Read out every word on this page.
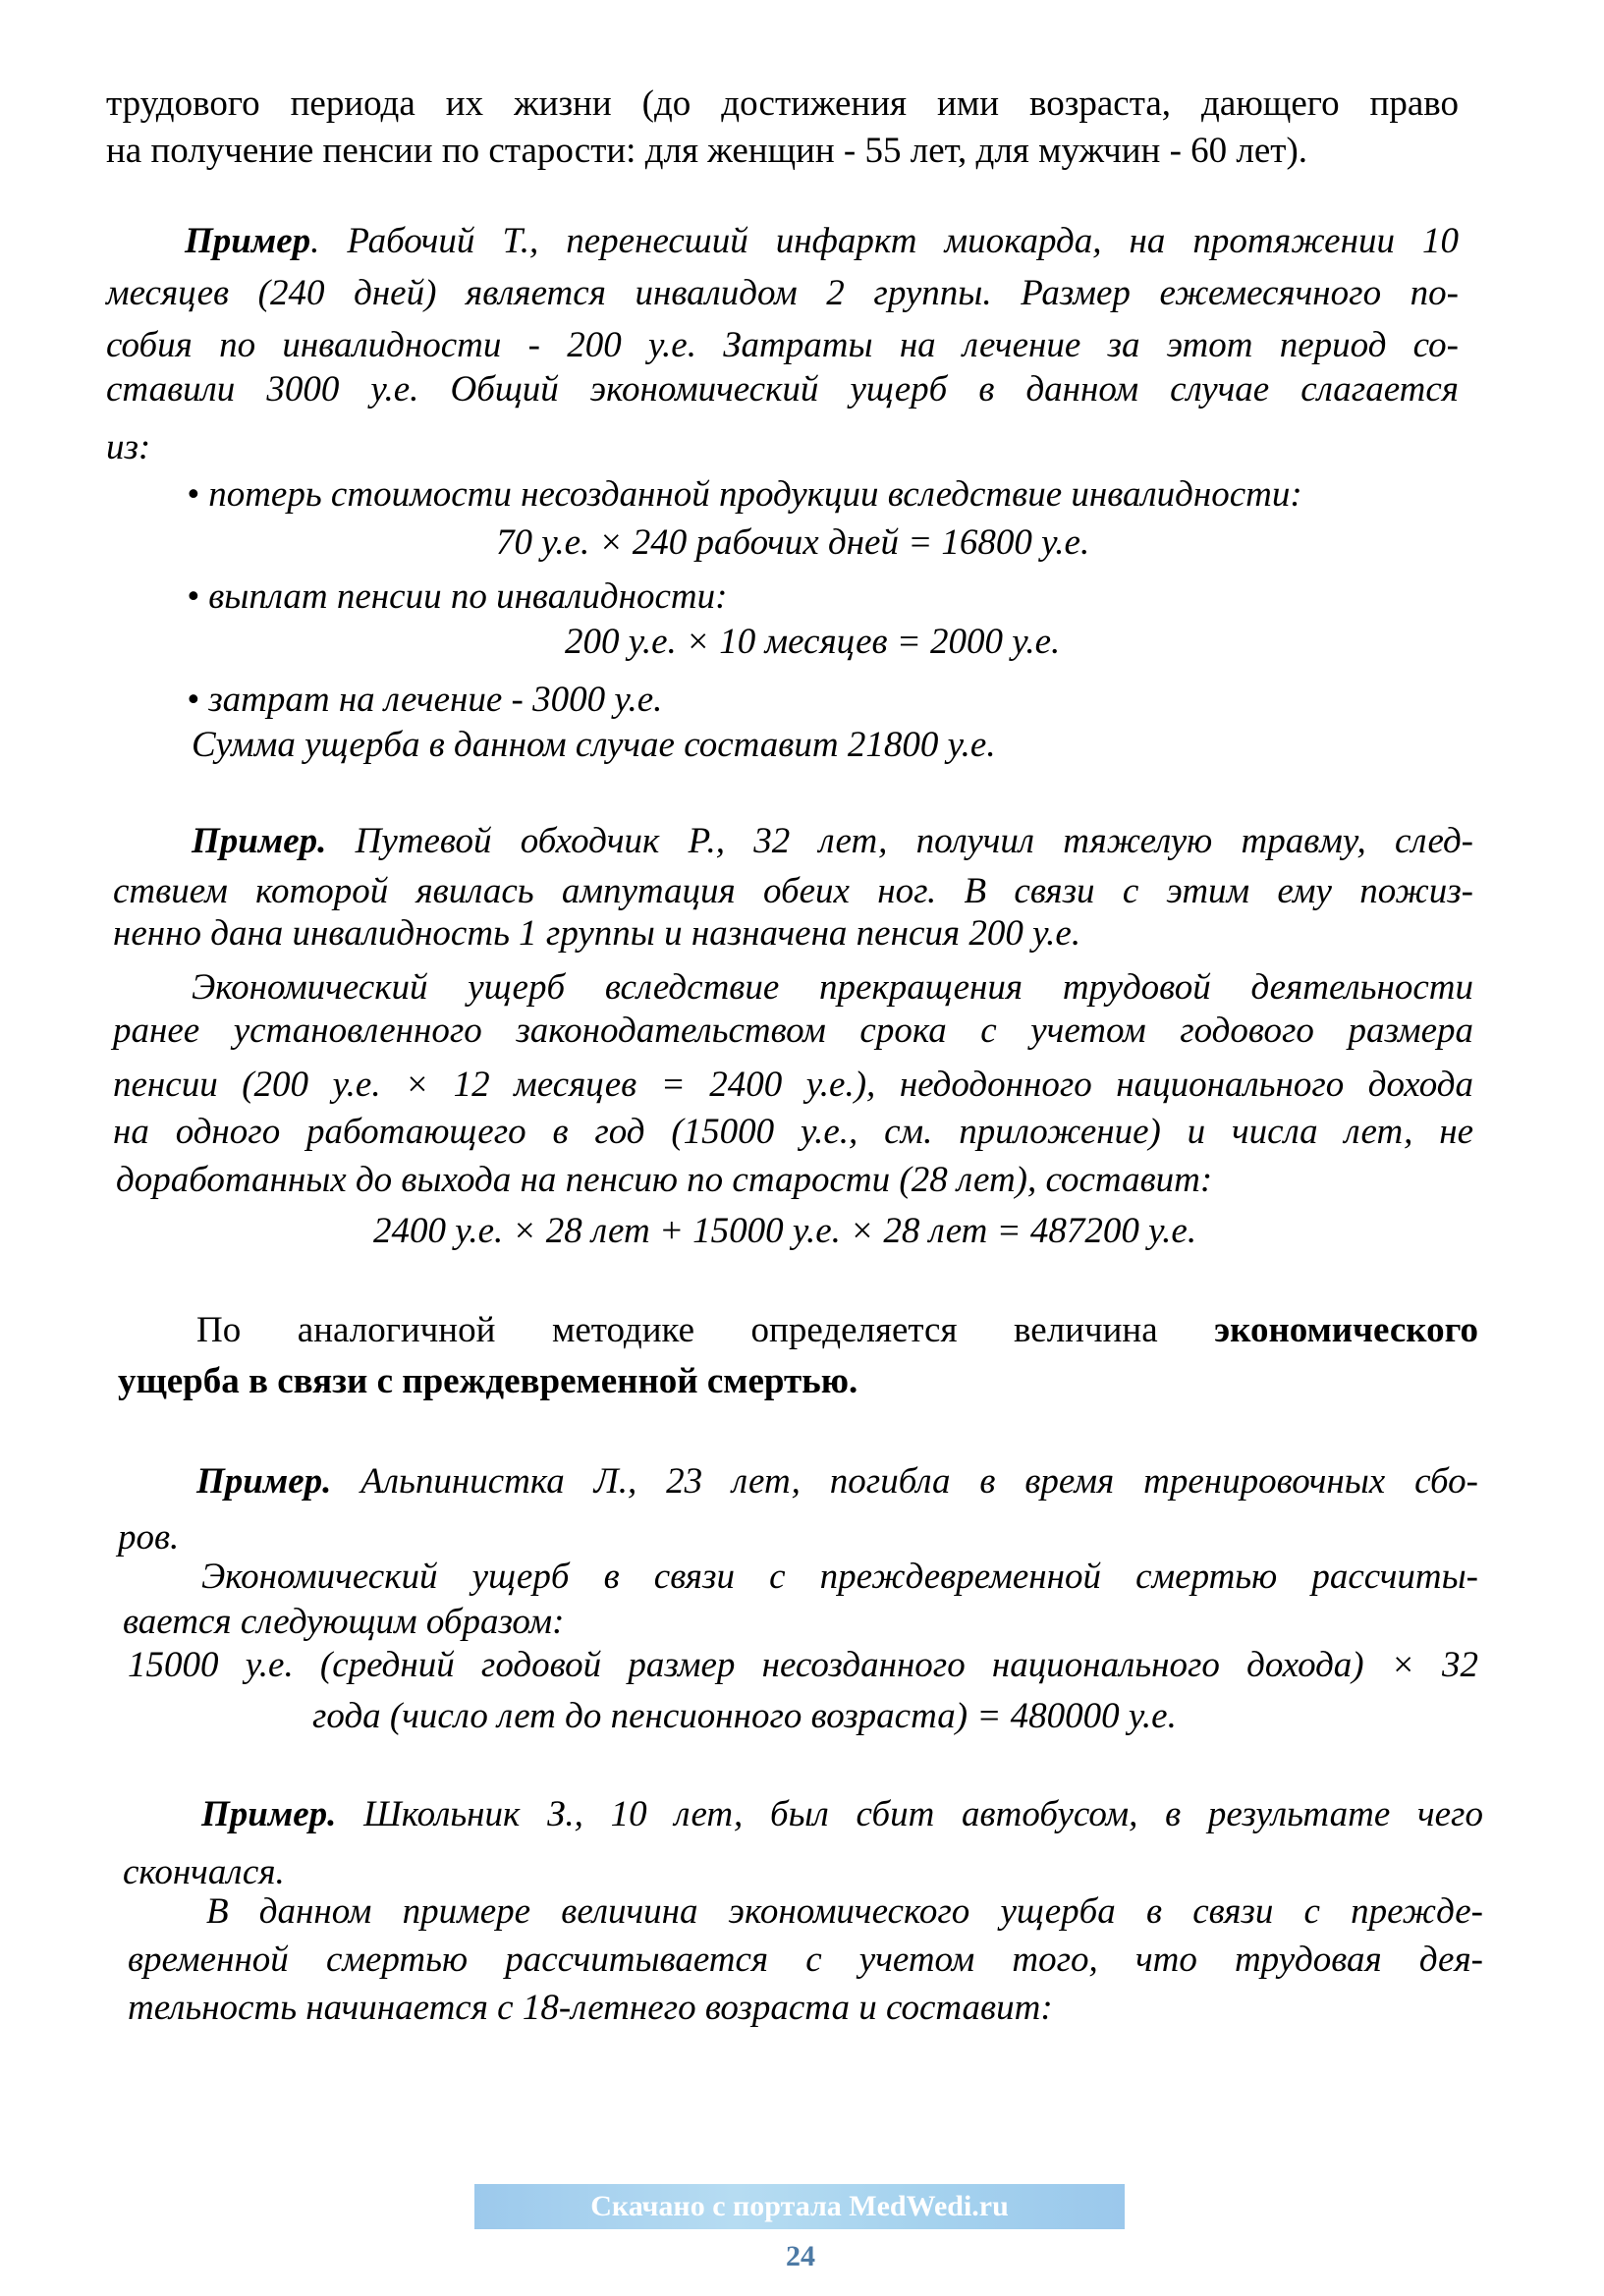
трудового периода их жизни (до достижения ими возраста, дающего право
на получение пенсии по старости: для женщин - 55 лет, для мужчин - 60 лет).
Пример. Рабочий Т., перенесший инфаркт миокарда, на протяжении 10
месяцев (240 дней) является инвалидом 2 группы. Размер ежемесячного по-
собия по инвалидности - 200 у.е. Затраты на лечение за этот период со-
ставили 3000 у.е. Общий экономический ущерб в данном случае слагается
из:
• потерь стоимости несозданной продукции вследствие инвалидности:
70 у.е. × 240 рабочих дней = 16800 у.е.
• выплат пенсии по инвалидности:
200 у.е. × 10 месяцев = 2000 у.е.
• затрат на лечение - 3000 у.е.
Сумма ущерба в данном случае составит 21800 у.е.
Пример. Путевой обходчик Р., 32 лет, получил тяжелую травму, след-
ствием которой явилась ампутация обеих ног. В связи с этим ему пожиз-
ненно дана инвалидность 1 группы и назначена пенсия 200 у.е.
Экономический ущерб вследствие прекращения трудовой деятельности
ранее установленного законодательством срока с учетом годового размера
пенсии (200 у.е. × 12 месяцев = 2400 у.е.), недодонного национального дохода
на одного работающего в год (15000 у.е., см. приложение) и числа лет, не
доработанных до выхода на пенсию по старости (28 лет), составит:
2400 у.е. × 28 лет + 15000 у.е. × 28 лет = 487200 у.е.
По аналогичной методике определяется величина экономического
ущерба в связи с преждевременной смертью.
Пример. Альпинистка Л., 23 лет, погибла в время тренировочных сбо-
ров.
Экономический ущерб в связи с преждевременной смертью рассчиты-
вается следующим образом:
15000 у.е. (средний годовой размер несозданного национального дохода) × 32
года (число лет до пенсионного возраста) = 480000 у.е.
Пример. Школьник З., 10 лет, был сбит автобусом, в результате чего
скончался.
В данном примере величина экономического ущерба в связи с прежде-
временной смертью рассчитывается с учетом того, что трудовая дея-
тельность начинается с 18-летнего возраста и составит:
Скачано с портала MedWedi.ru
24
